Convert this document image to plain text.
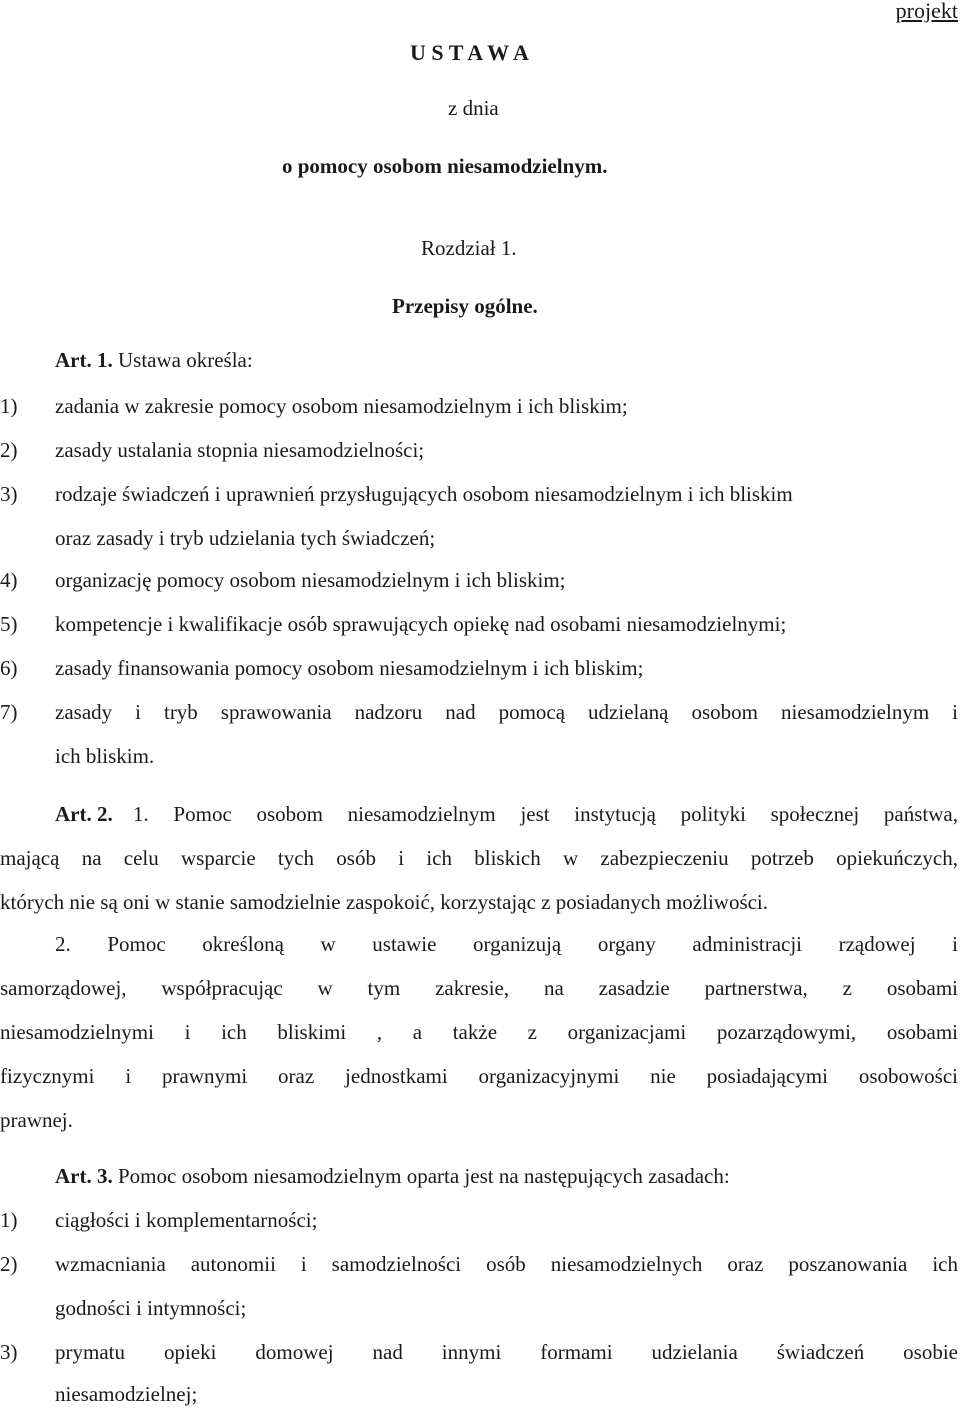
projekt
U S T A W A
z dnia
o pomocy osobom niesamodzielnym.
Rozdział 1.
Przepisy ogólne.
Art. 1. Ustawa określa:
1) zadania w zakresie pomocy osobom niesamodzielnym i ich bliskim;
2) zasady ustalania stopnia niesamodzielności;
3) rodzaje świadczeń i uprawnień przysługujących osobom niesamodzielnym i ich bliskim
oraz zasady i tryb udzielania tych świadczeń;
4) organizację pomocy osobom niesamodzielnym i ich bliskim;
5) kompetencje i kwalifikacje osób sprawujących opiekę nad osobami niesamodzielnymi;
6) zasady finansowania pomocy osobom niesamodzielnym i ich bliskim;
7) zasady i tryb sprawowania nadzoru nad pomocą udzielaną osobom niesamodzielnym i
ich bliskim.
Art. 2. 1. Pomoc osobom niesamodzielnym jest instytucją polityki społecznej państwa,
mającą na celu wsparcie tych osób i ich bliskich w zabezpieczeniu potrzeb opiekuńczych,
których nie są oni w stanie samodzielnie zaspokoić, korzystając z posiadanych możliwości.
2. Pomoc określoną w ustawie organizują organy administracji rządowej i
samorządowej, współpracując w tym zakresie, na zasadzie partnerstwa, z osobami
niesamodzielnymi i ich bliskimi , a także z organizacjami pozarządowymi, osobami
fizycznymi i prawnymi oraz jednostkami organizacyjnymi nie posiadającymi osobowości
prawnej.
Art. 3. Pomoc osobom niesamodzielnym oparta jest na następujących zasadach:
1) ciągłości i komplementarności;
2) wzmacniania autonomii i samodzielności osób niesamodzielnych oraz poszanowania ich
godności i intymności;
3) prymatu opieki domowej nad innymi formami udzielania świadczeń osobie
niesamodzielnej;
